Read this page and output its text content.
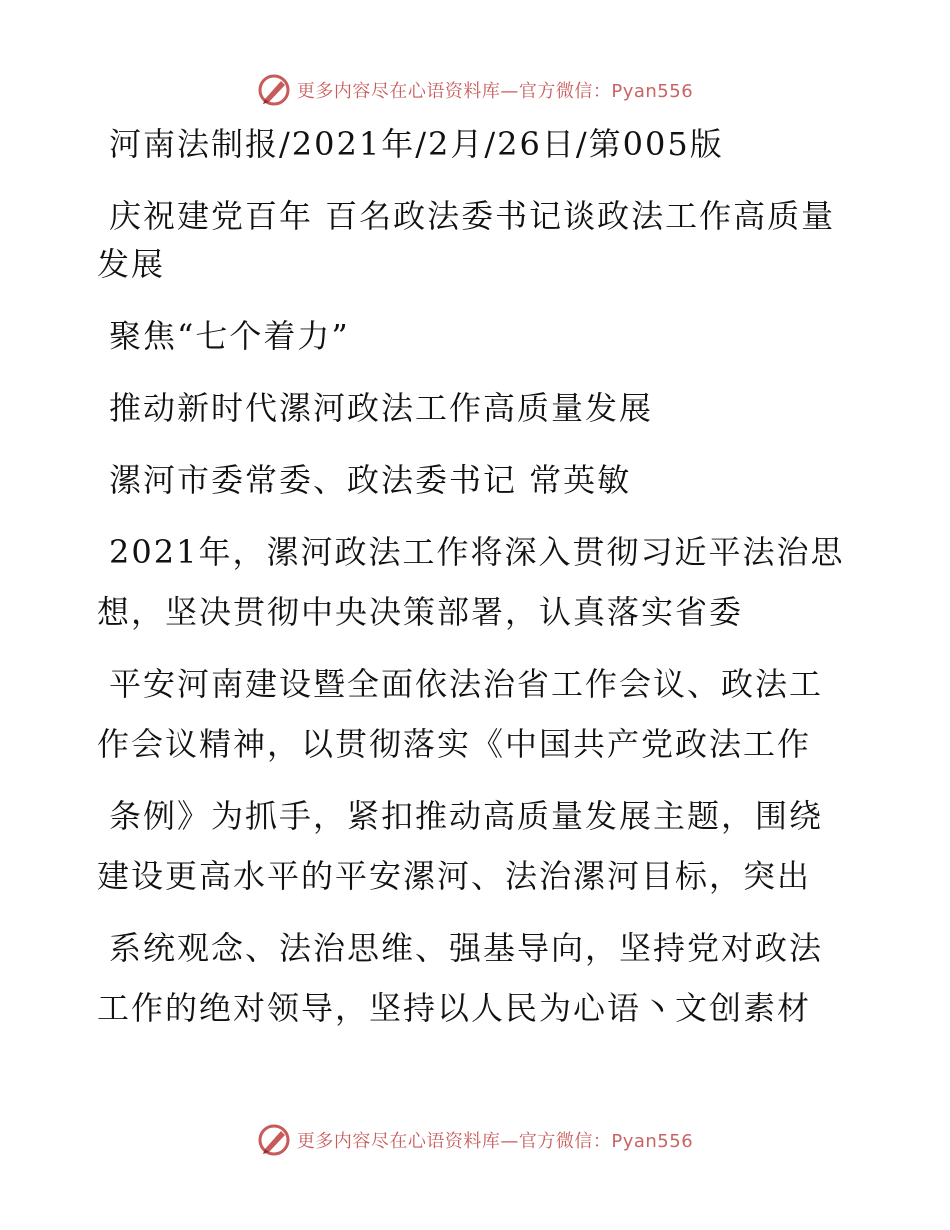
更多内容尽在心语资料库—官方微信：Pyan556
河南法制报/2021年/2月/26日/第005版
庆祝建党百年 百名政法委书记谈政法工作高质量
发展
聚焦“七个着力”
推动新时代漯河政法工作高质量发展
漯河市委常委、政法委书记 常英敏
2021年，漯河政法工作将深入贯彻习近平法治思
想，坚决贯彻中央决策部署，认真落实省委
平安河南建设暨全面依法治省工作会议、政法工
作会议精神，以贯彻落实《中国共产党政法工作
条例》为抓手，紧扣推动高质量发展主题，围绕
建设更高水平的平安漯河、法治漯河目标，突出
系统观念、法治思维、强基导向，坚持党对政法
工作的绝对领导，坚持以人民为心语丶文创素材
更多内容尽在心语资料库—官方微信：Pyan556
